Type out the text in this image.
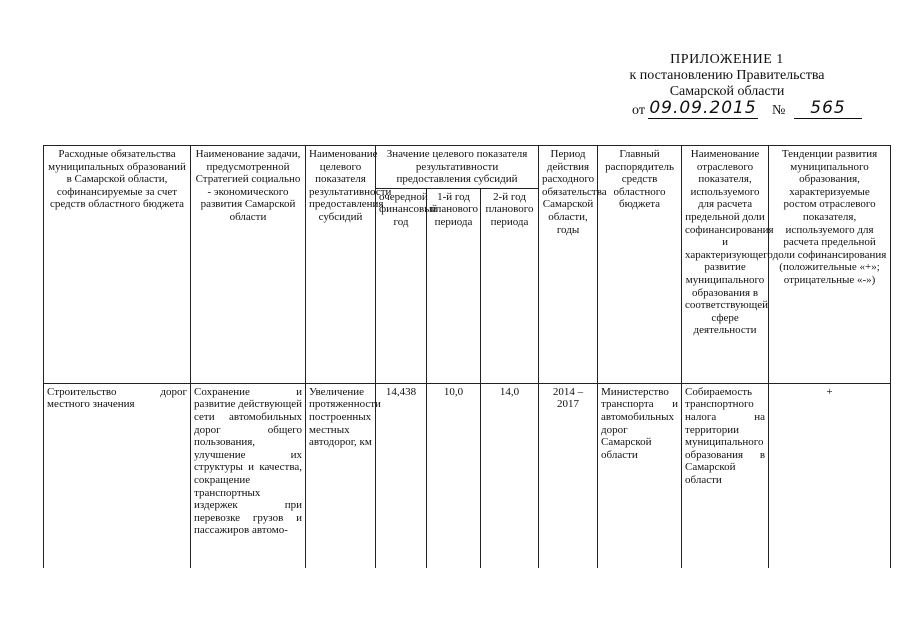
ПРИЛОЖЕНИЕ 1
к постановлению Правительства
Самарской области
от 09.09.2015 №	565
Расходные обязательства муниципальных образований в Самарской области, софинансируемые за счет средств областного бюджета	Наименование задачи, предусмотренной Стратегией социально - экономического развития Самарской области	Наименование целевого показателя результативности предоставления субсидий	Значение целевого показателя результативности предоставления субсидий			Период действия расходного обязательства Самарской области, годы	Главный распорядитель средств областного бюджета	Наименование отраслевого показателя, используемого для расчета предельной доли софинансирования и характеризующего развитие муниципального образования в соответствующей сфере деятельности	Тенденции развития муниципального образования, характеризуемые ростом отраслевого показателя, используемого для расчета предельной доли софинансирования (положительные «+»; отрицательные «-»)
			очередной финансовый год	1-й год планового периода	2-й год планового периода				
Строительство дорог местного значения	Сохранение и развитие действующей сети автомобильных дорог общего пользования, улучшение их структуры и качества, сокращение транспортных издержек при перевозке грузов и пассажиров автомо-	Увеличение протяженности построенных местных автодорог, км	14,438	10,0	14,0	2014 – 2017	Министерство транспорта и автомобильных дорог Самарской области	Собираемость транспортного налога на территории муниципального образования в Самарской области	+
